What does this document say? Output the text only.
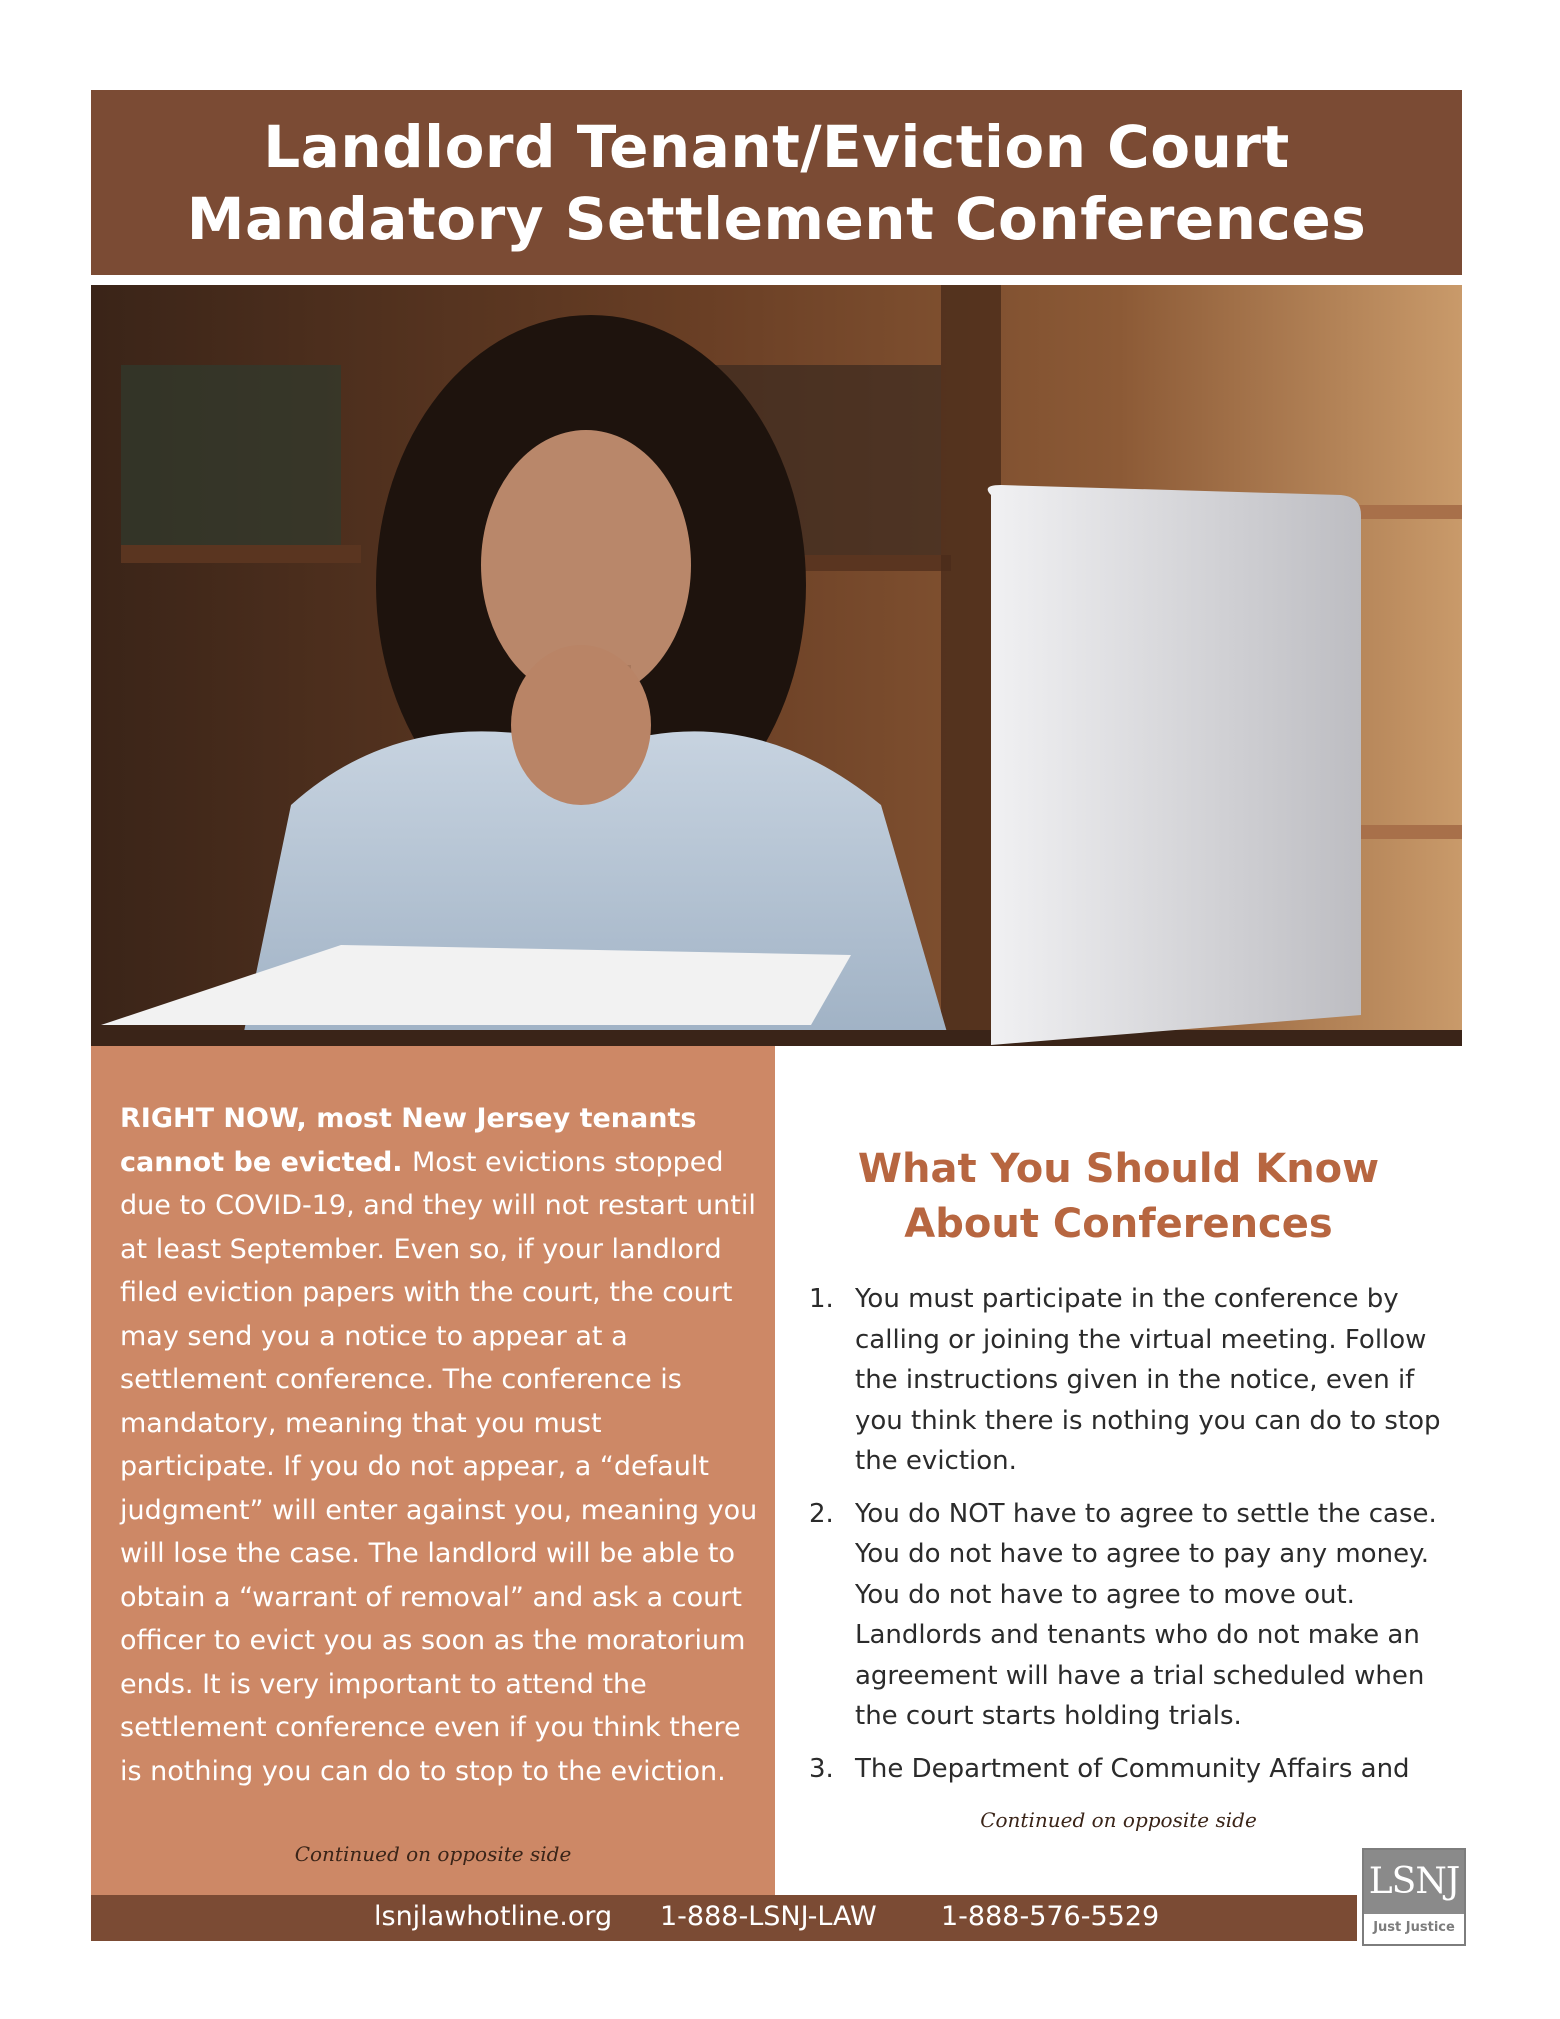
Landlord Tenant/Eviction Court
Mandatory Settlement Conferences
RIGHT NOW, most New Jersey tenants cannot be evicted. Most evictions stopped due to COVID-19, and they will not restart until at least September. Even so, if your landlord filed eviction papers with the court, the court may send you a notice to appear at a settlement conference. The conference is mandatory, meaning that you must participate. If you do not appear, a “default judgment” will enter against you, meaning you will lose the case. The landlord will be able to obtain a “warrant of removal” and ask a court officer to evict you as soon as the moratorium ends. It is very important to attend the settlement conference even if you think there is nothing you can do to stop to the eviction.
Continued on opposite side
What You Should Know
About Conferences
1. You must participate in the conference by calling or joining the virtual meeting. Follow the instructions given in the notice, even if you think there is nothing you can do to stop the eviction.
2. You do NOT have to agree to settle the case. You do not have to agree to pay any money. You do not have to agree to move out. Landlords and tenants who do not make an agreement will have a trial scheduled when the court starts holding trials.
3. The Department of Community Affairs and
Continued on opposite side
lsnjlawhotline.org 1-888-LSNJ-LAW 1-888-576-5529
LSNJ
Just Justice
